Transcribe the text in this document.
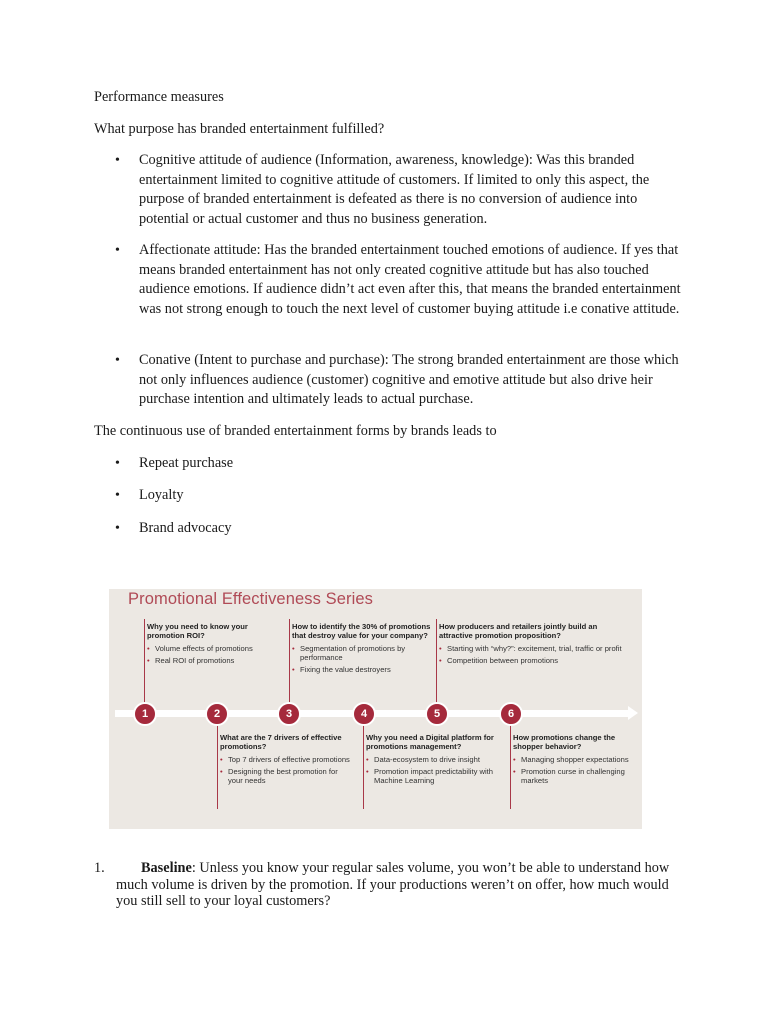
Performance measures

What purpose has branded entertainment fulfilled?

• Cognitive attitude of audience (Information, awareness, knowledge): Was this branded entertainment limited to cognitive attitude of customers. If limited to only this aspect, the purpose of branded entertainment is defeated as there is no conversion of audience into potential or actual customer and thus no business generation.
• Affectionate attitude: Has the branded entertainment touched emotions of audience. If yes that means branded entertainment has not only created cognitive attitude but has also touched audience emotions. If audience didn’t act even after this, that means the branded entertainment was not strong enough to touch the next level of customer buying attitude i.e conative attitude.
• Conative (Intent to purchase and purchase): The strong branded entertainment are those which not only influences audience (customer) cognitive and emotive attitude but also drive heir purchase intention and ultimately leads to actual purchase.

The continuous use of branded entertainment forms by brands leads to

• Repeat purchase
• Loyalty
• Brand advocacy
Promotional Effectiveness Series
1	2	3	4	5	6
Why you need to know your promotion ROI?
• Volume effects of promotions
• Real ROI of promotions
How to identify the 30% of promotions that destroy value for your company?
• Segmentation of promotions by performance
• Fixing the value destroyers
How producers and retailers jointly build an attractive promotion proposition?
• Starting with “why?”: excitement, trial, traffic or profit
• Competition between promotions
What are the 7 drivers of effective promotions?
• Top 7 drivers of effective promotions
• Designing the best promotion for your needs
Why you need a Digital platform for promotions management?
• Data-ecosystem to drive insight
• Promotion impact predictability with Machine Learning
How promotions change the shopper behavior?
• Managing shopper expectations
• Promotion curse in challenging markets
1.	Baseline: Unless you know your regular sales volume, you won’t be able to understand how much volume is driven by the promotion. If your productions weren’t on offer, how much would you still sell to your loyal customers?
